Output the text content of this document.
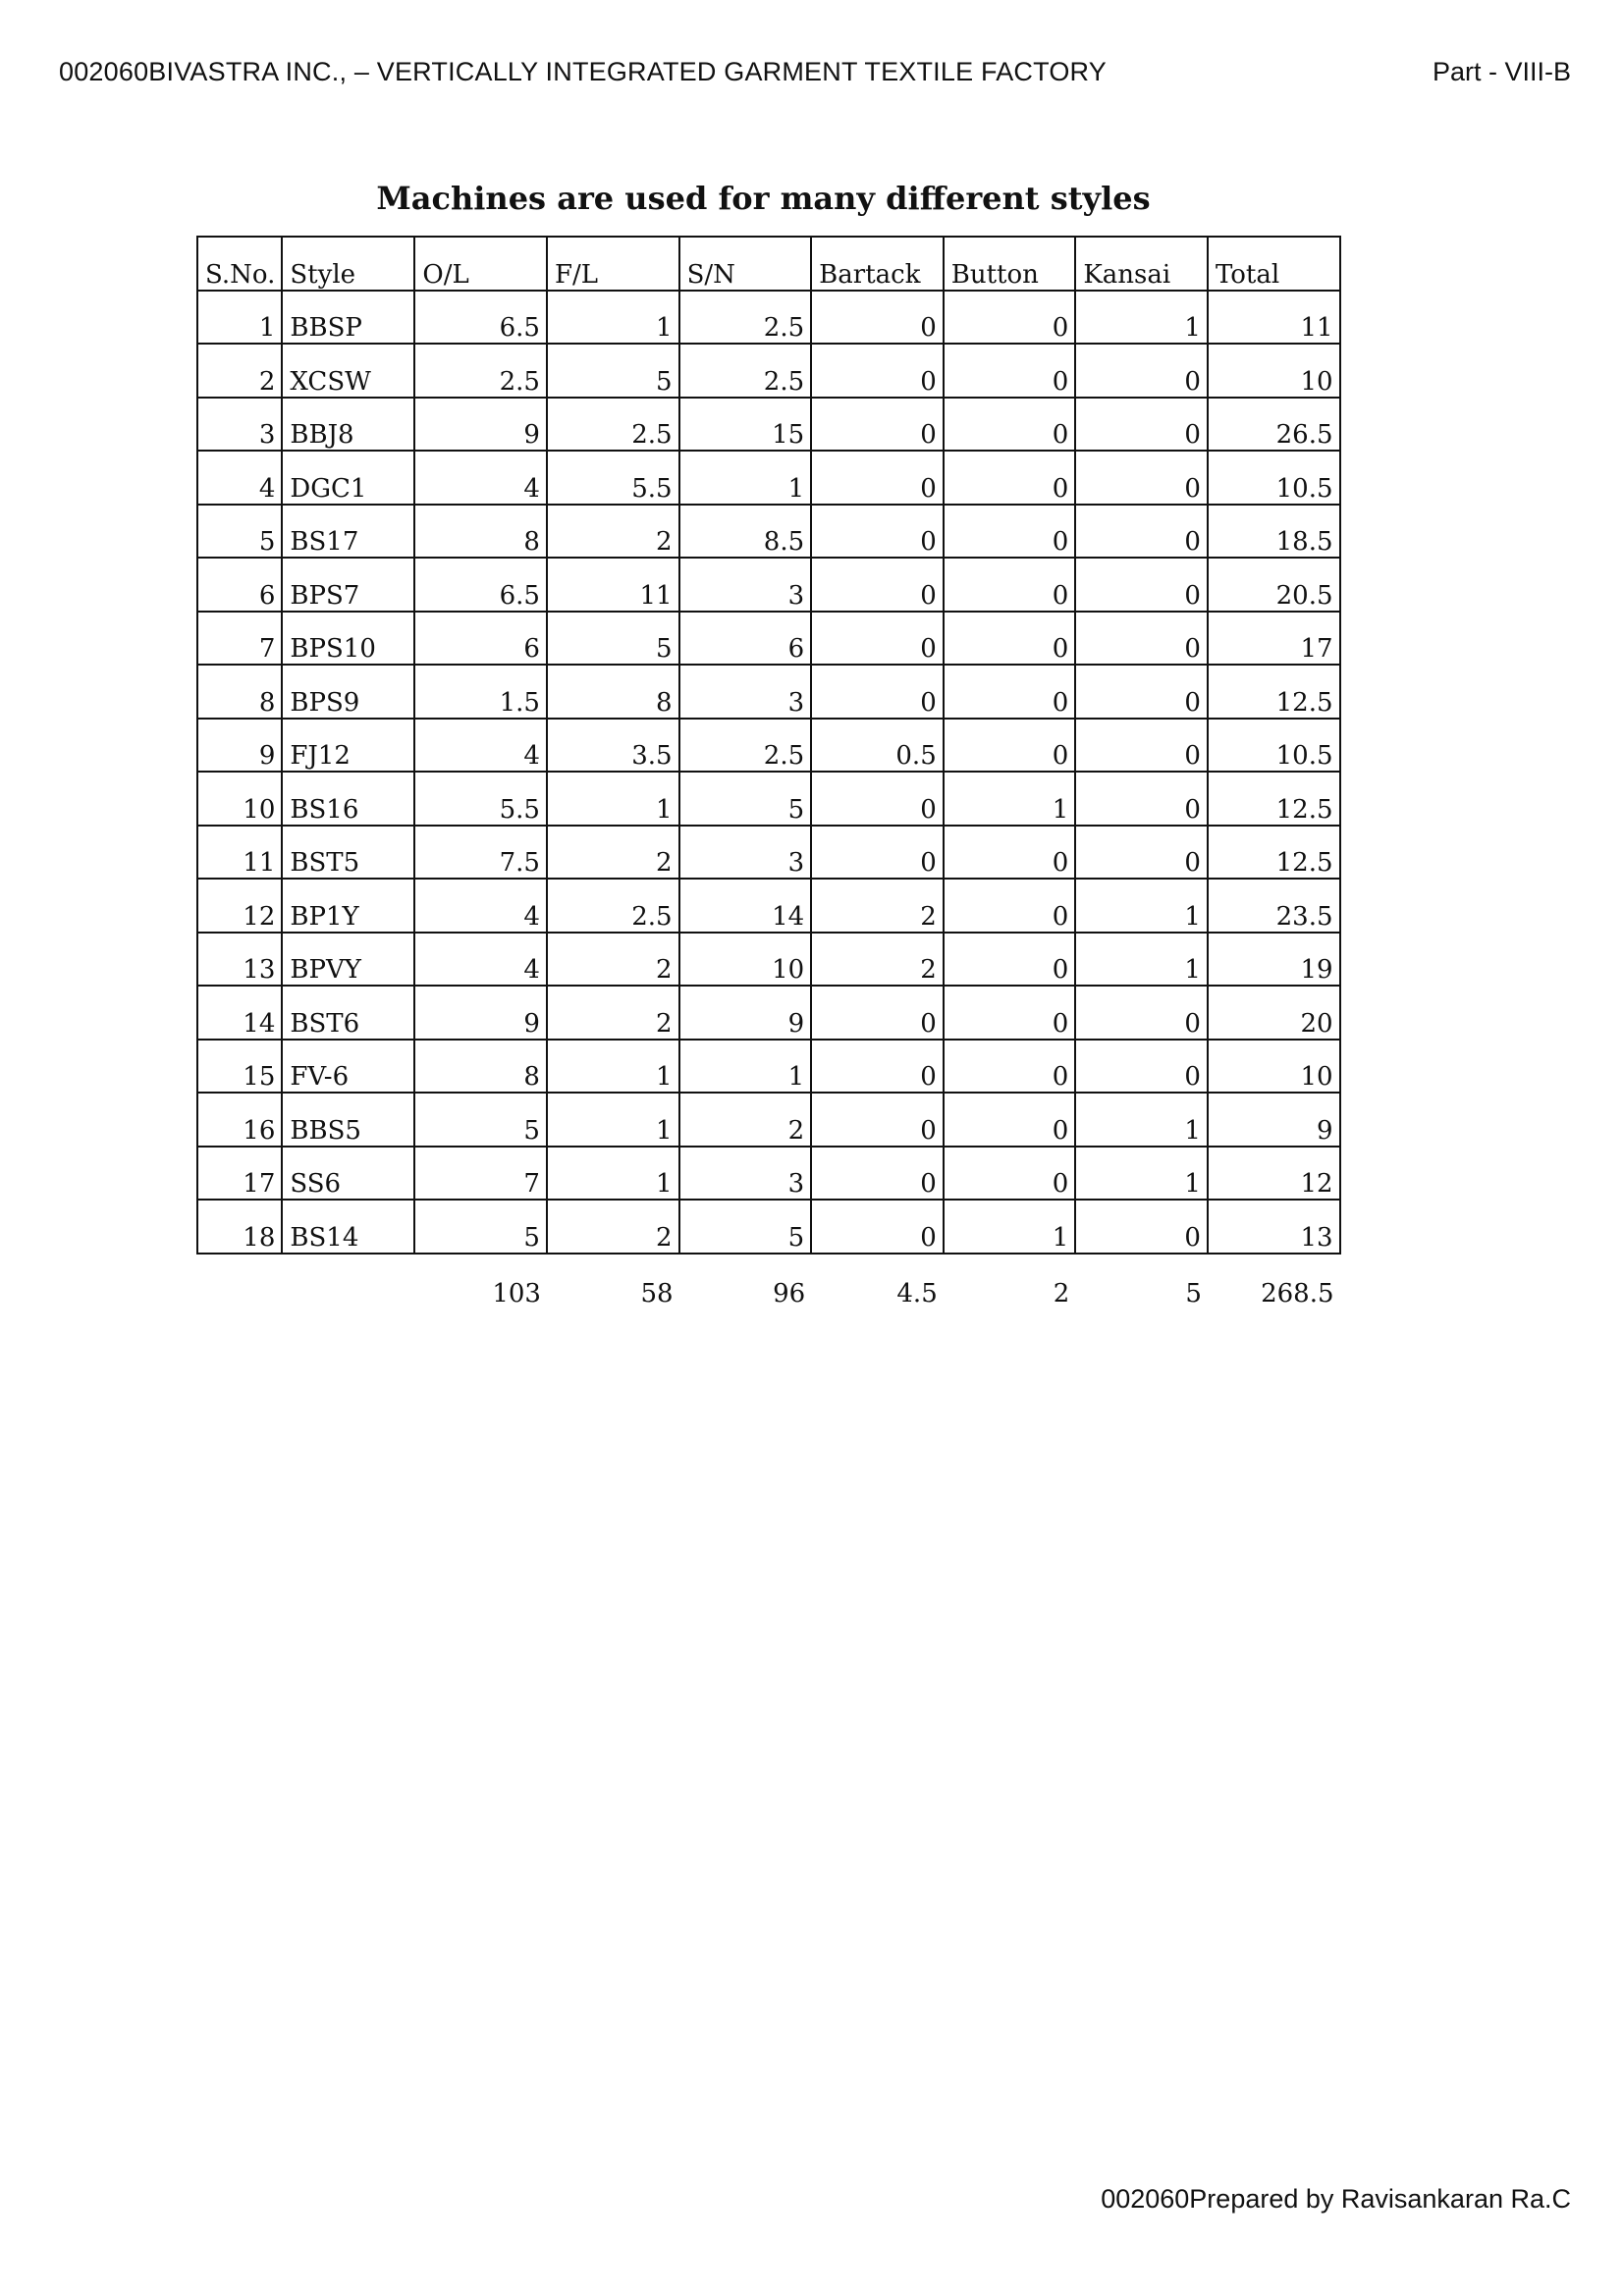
002060BIVASTRA INC., – VERTICALLY INTEGRATED GARMENT TEXTILE FACTORY	Part - VIII-B
Machines are used for many different styles
S.No.	Style	O/L	F/L	S/N	Bartack	Button	Kansai	Total
1	BBSP	6.5	1	2.5	0	0	1	11
2	XCSW	2.5	5	2.5	0	0	0	10
3	BBJ8	9	2.5	15	0	0	0	26.5
4	DGC1	4	5.5	1	0	0	0	10.5
5	BS17	8	2	8.5	0	0	0	18.5
6	BPS7	6.5	11	3	0	0	0	20.5
7	BPS10	6	5	6	0	0	0	17
8	BPS9	1.5	8	3	0	0	0	12.5
9	FJ12	4	3.5	2.5	0.5	0	0	10.5
10	BS16	5.5	1	5	0	1	0	12.5
11	BST5	7.5	2	3	0	0	0	12.5
12	BP1Y	4	2.5	14	2	0	1	23.5
13	BPVY	4	2	10	2	0	1	19
14	BST6	9	2	9	0	0	0	20
15	FV-6	8	1	1	0	0	0	10
16	BBS5	5	1	2	0	0	1	9
17	SS6	7	1	3	0	0	1	12
18	BS14	5	2	5	0	1	0	13
		103	58	96	4.5	2	5	268.5
002060Prepared by Ravisankaran Ra.C
